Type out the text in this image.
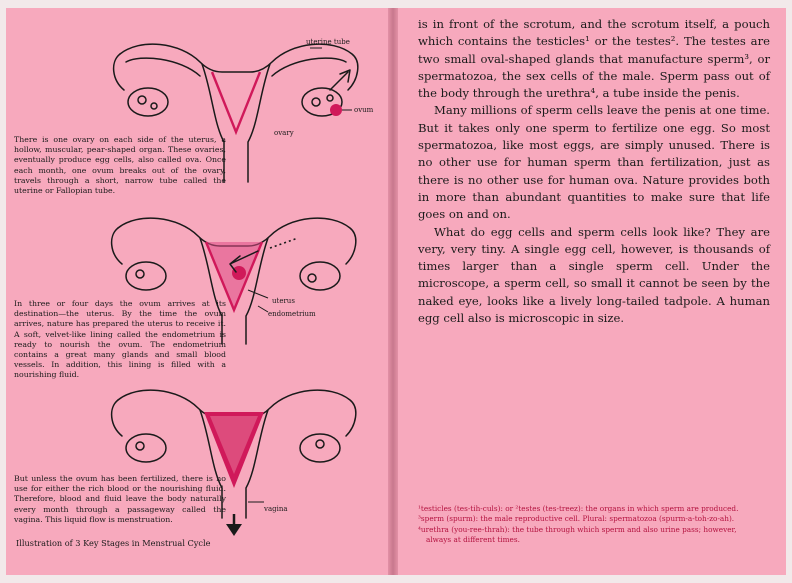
uterine tube
ovum
ovary
There is one ovary on each side of the uterus, a hollow, muscular, pear-shaped organ. These ovaries, eventually produce egg cells, also called ova. Once each month, one ovum breaks out of the ovary, travels through a short, narrow tube called the uterine or Fallopian tube.
uterus
endometrium
In three or four days the ovum arrives at its destination—the uterus. By the time the ovum arrives, nature has prepared the uterus to receive it. A soft, velvet-like lining called the endometrium is ready to nourish the ovum. The endometrium contains a great many glands and small blood vessels. In addition, this lining is filled with a nourishing fluid.
vagina
But unless the ovum has been fertilized, there is no use for either the rich blood or the nourishing fluid. Therefore, blood and fluid leave the body naturally every month through a passageway called the vagina. This liquid flow is menstruation.
Illustration of 3 Key Stages in Menstrual Cycle

is in front of the scrotum, and the scrotum itself, a pouch which contains the testicles¹ or the testes². The testes are two small oval-shaped glands that manufacture sperm³, or spermatozoa, the sex cells of the male. Sperm pass out of the body through the urethra⁴, a tube inside the penis.

Many millions of sperm cells leave the penis at one time. But it takes only one sperm to fertilize one egg. So most spermatozoa, like most eggs, are simply unused. There is no other use for human sperm than fertilization, just as there is no other use for human ova. Nature provides both in more than abundant quantities to make sure that life goes on and on.

What do egg cells and sperm cells look like? They are very, very tiny. A single egg cell, however, is thousands of times larger than a single sperm cell. Under the microscope, a sperm cell, so small it cannot be seen by the naked eye, looks like a lively long-tailed tadpole. A human egg cell also is microscopic in size.

¹testicles (tes-tih-culs): or ²testes (tes-treez): the organs in which sperm are produced.
³sperm (spurm): the male reproductive cell. Plural: spermatozoa (spurm-a-toh-zo-ah).
⁴urethra (you-ree-thrah): the tube through which sperm and also urine pass; however,
always at different times.
